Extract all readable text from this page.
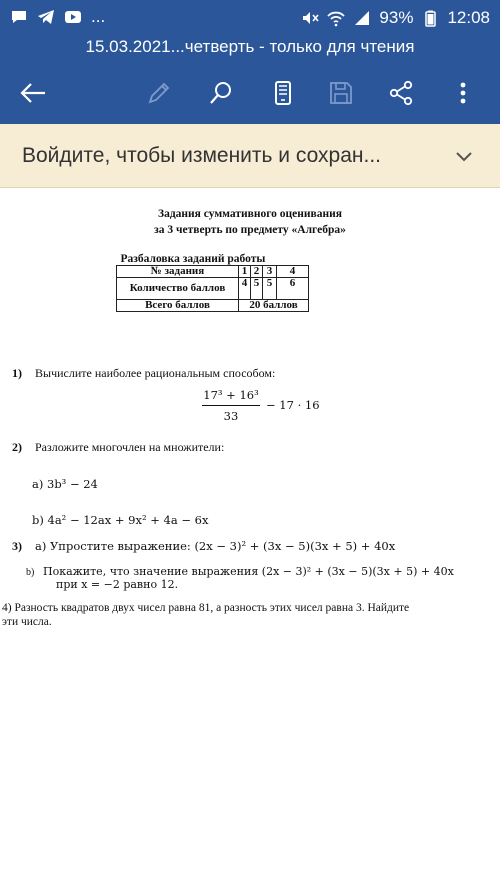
...	93% 12:08
15.03.2021...четверть - только для чтения
Войдите, чтобы изменить и сохран...
Задания суммативного оценивания
за 3 четверть по предмету «Алгебра»
Разбаловка заданий работы				
№ задания	1	2	3	4
Количество баллов	4	5	5	6
Всего баллов	20 баллов			
1) Вычислите наиболее рациональным способом:
17³ + 16³
33
− 17 · 16
2) Разложите многочлен на множители:
a) 3b³ − 24
b) 4a² − 12ax + 9x² + 4a − 6x
3) a) Упростите выражение: (2x − 3)² + (3x − 5)(3x + 5) + 40x
b) Покажите, что значение выражения (2x − 3)² + (3x − 5)(3x + 5) + 40x
при x = −2 равно 12.
4) Разность квадратов двух чисел равна 81, а разность этих чисел равна 3. Найдите
эти числа.
